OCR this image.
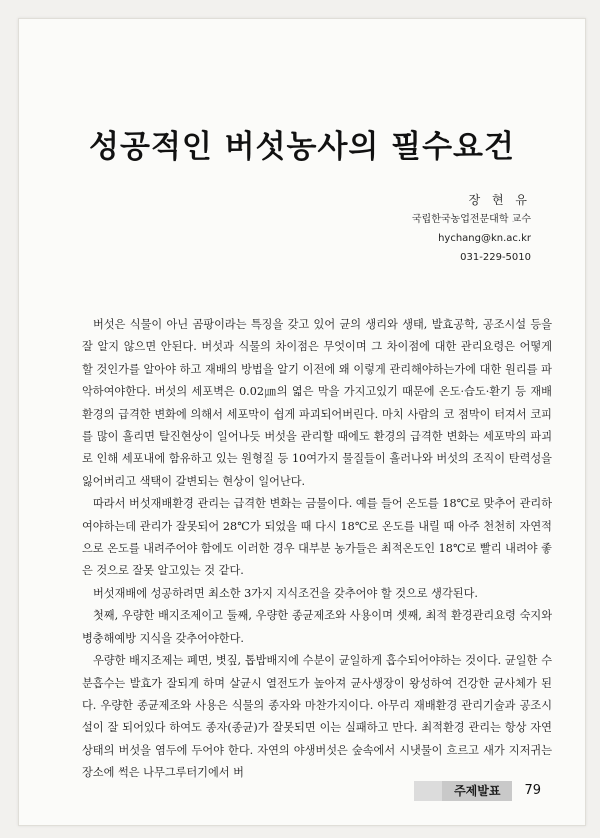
성공적인 버섯농사의 필수요건
장 현 유
국립한국농업전문대학 교수
hychang@kn.ac.kr
031-229-5010

버섯은 식물이 아닌 곰팡이라는 특징을 갖고 있어 균의 생리와 생태, 발효공학, 공조시설 등을 잘 알지 않으면 안된다. 버섯과 식물의 차이점은 무엇이며 그 차이점에 대한 관리요령은 어떻게 할 것인가를 알아야 하고 재배의 방법을 알기 이전에 왜 이렇게 관리해야하는가에 대한 원리를 파악하여야한다. 버섯의 세포벽은 0.02㎛의 엷은 막을 가지고있기 때문에 온도·습도·환기 등 재배환경의 급격한 변화에 의해서 세포막이 쉽게 파괴되어버린다. 마치 사람의 코 점막이 터져서 코피를 많이 흘리면 탈진현상이 일어나듯 버섯을 관리할 때에도 환경의 급격한 변화는 세포막의 파괴로 인해 세포내에 함유하고 있는 원형질 등 10여가지 물질들이 흘러나와 버섯의 조직이 탄력성을 잃어버리고 색택이 갈변되는 현상이 일어난다.

따라서 버섯재배환경 관리는 급격한 변화는 금물이다. 예를 들어 온도를 18℃로 맞추어 관리하여야하는데 관리가 잘못되어 28℃가 되었을 때 다시 18℃로 온도를 내릴 때 아주 천천히 자연적으로 온도를 내려주어야 함에도 이러한 경우 대부분 농가들은 최적온도인 18℃로 빨리 내려야 좋은 것으로 잘못 알고있는 것 같다.

버섯재배에 성공하려면 최소한 3가지 지식조건을 갖추어야 할 것으로 생각된다.

첫째, 우량한 배지조제이고 둘째, 우량한 종균제조와 사용이며 셋째, 최적 환경관리요령 숙지와 병충해예방 지식을 갖추어야한다.

우량한 배지조제는 폐면, 볏짚, 톱밥배지에 수분이 균일하게 흡수되어야하는 것이다. 균일한 수분흡수는 발효가 잘되게 하며 살균시 열전도가 높아져 균사생장이 왕성하여 건강한 균사체가 된다. 우량한 종균제조와 사용은 식물의 종자와 마찬가지이다. 아무리 재배환경 관리기술과 공조시설이 잘 되어있다 하여도 종자(종균)가 잘못되면 이는 실패하고 만다. 최적환경 관리는 항상 자연상태의 버섯을 염두에 두어야 한다. 자연의 야생버섯은 숲속에서 시냇물이 흐르고 새가 지저귀는 장소에 썩은 나무그루터기에서 버

주제발표	79
